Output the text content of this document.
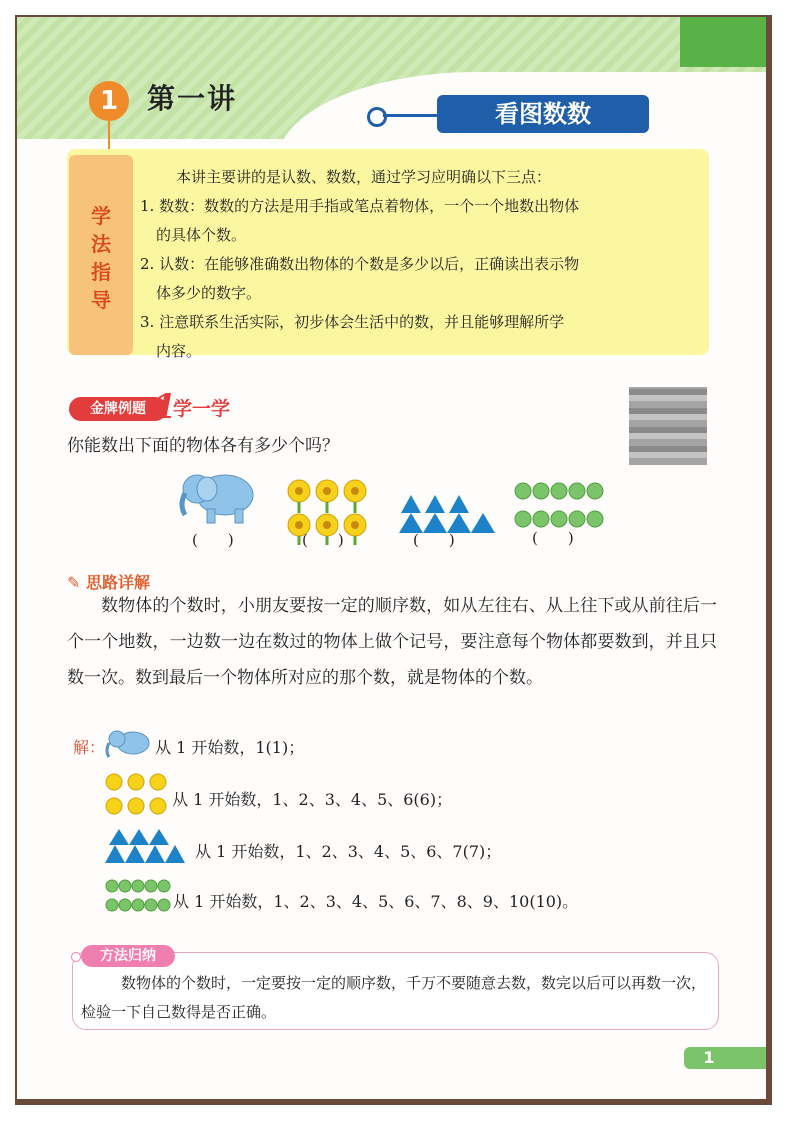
1	第一讲	看图数数
学
法
指
导

本讲主要讲的是认数、数数，通过学习应明确以下三点：

1. 数数：数数的方法是用手指或笔点着物体，一个一个地数出物体

的具体个数。

2. 认数：在能够准确数出物体的个数是多少以后，正确读出表示物

体多少的数字。

3. 注意联系生活实际，初步体会生活中的数，并且能够理解所学

内容。

金牌例题 1
学一学
你能数出下面的物体各有多少个吗？
(　　)	(　　)	(　　)	(　　)
✎ 思路详解

数物体的个数时，小朋友要按一定的顺序数，如从左往右、从上往下或从前往后一个一个地数，一边数一边在数过的物体上做个记号，要注意每个物体都要数到，并且只数一次。数到最后一个物体所对应的那个数，就是物体的个数。

解：	从 1 开始数，1(1)；
从 1 开始数，1、2、3、4、5、6(6)；
从 1 开始数，1、2、3、4、5、6、7(7)；
从 1 开始数，1、2、3、4、5、6、7、8、9、10(10)。
方法归纳

数物体的个数时，一定要按一定的顺序数，千万不要随意去数，数完以后可以再数一次，检验一下自己数得是否正确。

1
